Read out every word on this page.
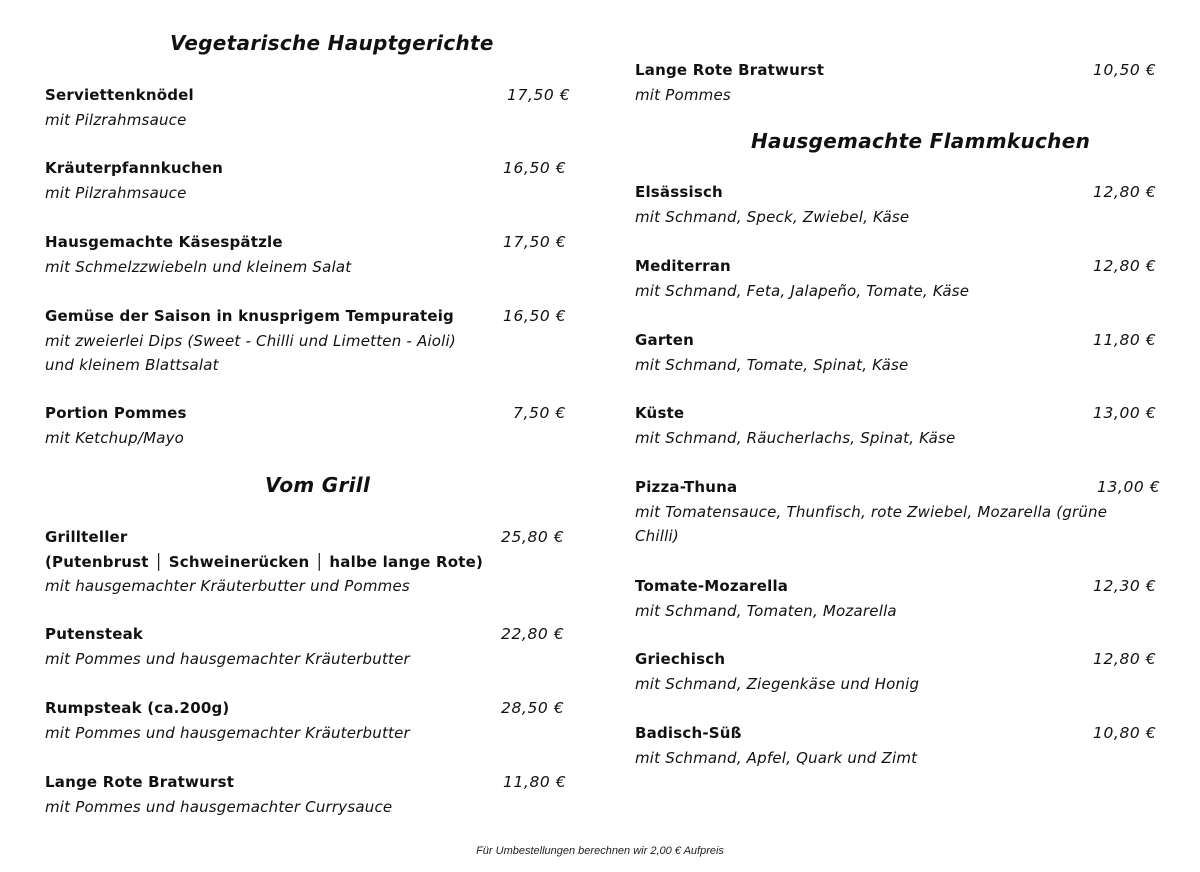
Vegetarische Hauptgerichte
Serviettenknödel	17,50 €
mit Pilzrahmsauce
Kräuterpfannkuchen	16,50 €
mit Pilzrahmsauce
Hausgemachte Käsespätzle	17,50 €
mit Schmelzzwiebeln und kleinem Salat
Gemüse der Saison in knusprigem Tempurateig	16,50 €
mit zweierlei Dips (Sweet - Chilli und Limetten - Aioli)
und kleinem Blattsalat
Portion Pommes	7,50 €
mit Ketchup/Mayo
Vom Grill
Grillteller	25,80 €
(Putenbrust │ Schweinerücken │ halbe lange Rote)
mit hausgemachter Kräuterbutter und Pommes
Putensteak	22,80 €
mit Pommes und hausgemachter Kräuterbutter
Rumpsteak (ca.200g)	28,50 €
mit Pommes und hausgemachter Kräuterbutter
Lange Rote Bratwurst	11,80 €
mit Pommes und hausgemachter Currysauce
Lange Rote Bratwurst	10,50 €
mit Pommes
Hausgemachte Flammkuchen
Elsässisch	12,80 €
mit Schmand, Speck, Zwiebel, Käse
Mediterran	12,80 €
mit Schmand, Feta, Jalapeño, Tomate, Käse
Garten	11,80 €
mit Schmand, Tomate, Spinat, Käse
Küste	13,00 €
mit Schmand, Räucherlachs, Spinat, Käse
Pizza-Thuna	13,00 €
mit Tomatensauce, Thunfisch, rote Zwiebel, Mozarella (grüne
Chilli)
Tomate-Mozarella	12,30 €
mit Schmand, Tomaten, Mozarella
Griechisch	12,80 €
mit Schmand, Ziegenkäse und Honig
Badisch-Süß	10,80 €
mit Schmand, Apfel, Quark und Zimt
Für Umbestellungen berechnen wir 2,00 € Aufpreis
